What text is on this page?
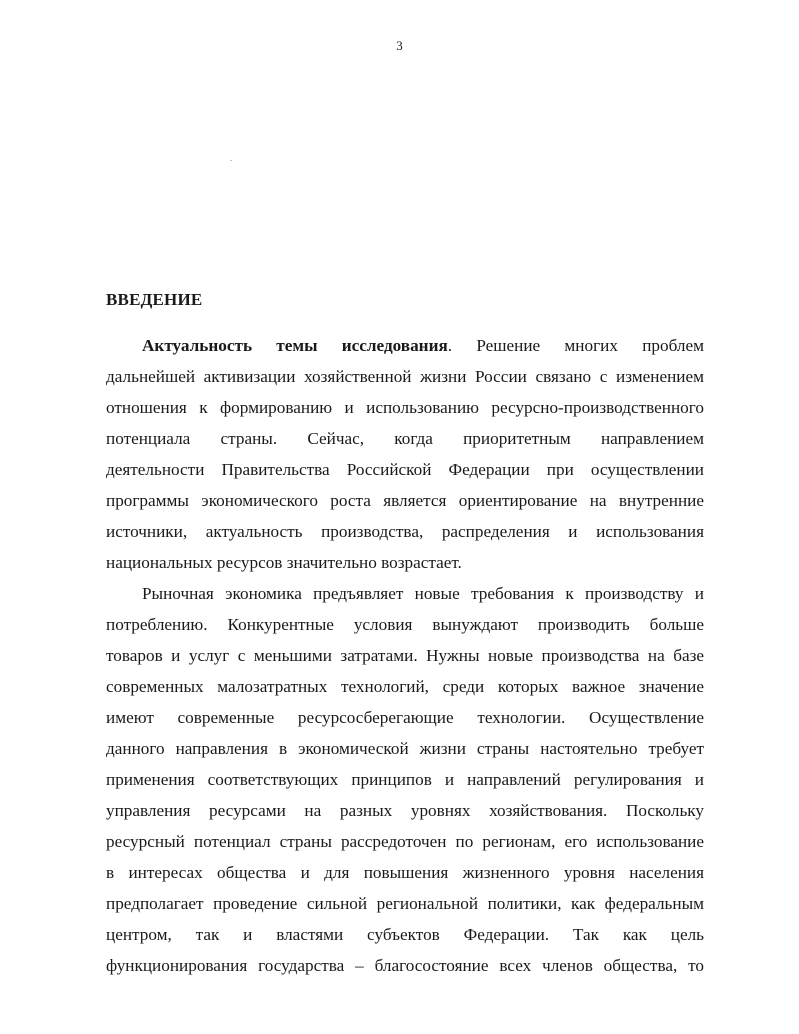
3
ВВЕДЕНИЕ
Актуальность темы исследования. Решение многих проблем
дальнейшей активизации хозяйственной жизни России связано с изменением
отношения к формированию и использованию ресурсно-производственного
потенциала страны. Сейчас, когда приоритетным направлением
деятельности Правительства Российской Федерации при осуществлении
программы экономического роста является ориентирование на внутренние
источники, актуальность производства, распределения и использования
национальных ресурсов значительно возрастает.
Рыночная экономика предъявляет новые требования к производству и
потреблению. Конкурентные условия вынуждают производить больше
товаров и услуг с меньшими затратами. Нужны новые производства на базе
современных малозатратных технологий, среди которых важное значение
имеют современные ресурсосберегающие технологии. Осуществление
данного направления в экономической жизни страны настоятельно требует
применения соответствующих принципов и направлений регулирования и
управления ресурсами на разных уровнях хозяйствования. Поскольку
ресурсный потенциал страны рассредоточен по регионам, его использование
в интересах общества и для повышения жизненного уровня населения
предполагает проведение сильной региональной политики, как федеральным
центром, так и властями субъектов Федерации. Так как цель
функционирования государства – благосостояние всех членов общества, то
